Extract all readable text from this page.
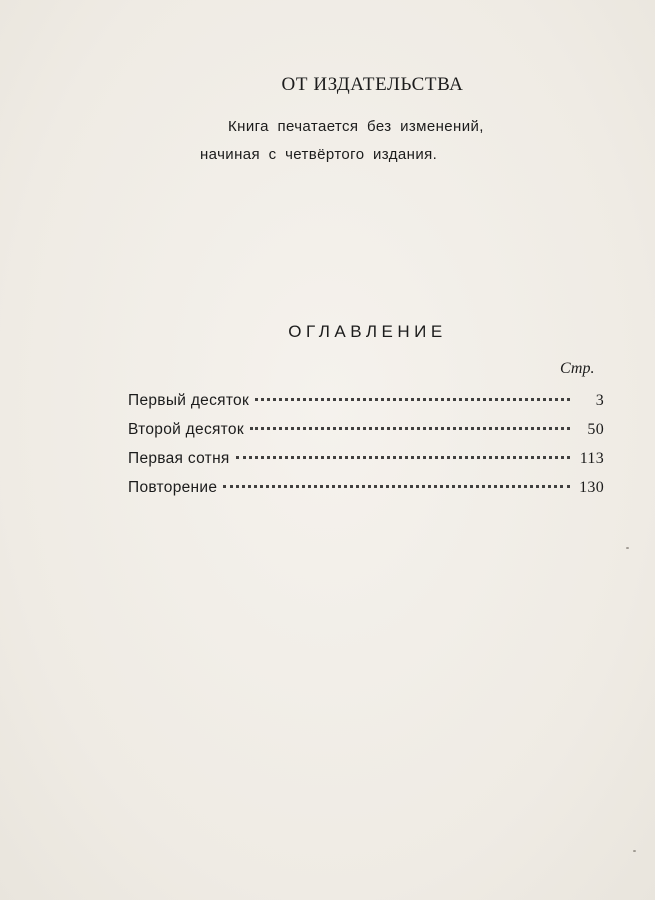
ОТ ИЗДАТЕЛЬСТВА
Книга печатается без изменений,
начиная с четвёртого издания.
ОГЛАВЛЕНИЕ
Стр.
Первый десяток	3
Второй десяток	50
Первая сотня	113
Повторение	130
